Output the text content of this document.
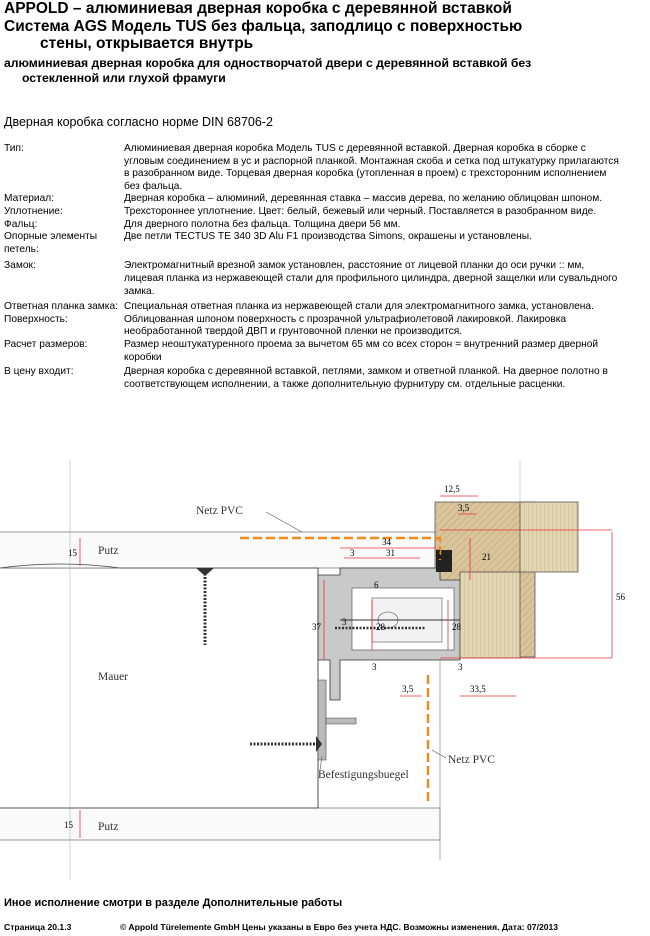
APPOLD – алюминиевая дверная коробка с деревянной вставкой
Система AGS Модель TUS без фальца, заподлицо с поверхностью
стены, открывается внутрь
алюминиевая дверная коробка для одностворчатой двери с деревянной вставкой без
остекленной или глухой фрамуги
Дверная коробка согласно норме DIN 68706-2
Тип:	Алюминиевая дверная коробка Модель TUS с деревянной вставкой. Дверная коробка в сборке с угловым соединением в ус и распорной планкой. Монтажная скоба и сетка под штукатурку прилагаются в разобранном виде. Торцевая дверная коробка (утопленная в проем) с трехсторонним исполнением без фальца.
Материал:	Дверная коробка – алюминий, деревянная ставка – массив дерева, по желанию облицован шпоном.
Уплотнение:	Трехстороннее уплотнение. Цвет: белый, бежевый или черный. Поставляется в разобранном виде.
Фальц:	Для дверного полотна без фальца. Толщина двери 56 мм.
Опорные элементы петель:
Две петли TECTUS TE 340 3D Alu F1 производства Simons, окрашены и установлены.
Замок:	Электромагнитный врезной замок установлен, расстояние от лицевой планки до оси ручки :: мм, лицевая планка из нержавеющей стали для профильного цилиндра, дверной защелки или сувальдного замка.
Ответная планка замка: Специальная ответная планка из нержавеющей стали для электромагнитного замка, установлена.
Поверхность:	Облицованная шпоном поверхность с прозрачной ультрафиолетовой лакировкой. Лакировка необработанной твердой ДВП и грунтовочной пленки не производится.
Расчет размеров:	Размер неоштукатуренного проема за вычетом 65 мм со всех сторон = внутренний размер дверной коробки
В цену входит:	Дверная коробка с деревянной вставкой, петлями, замком и ответной планкой. На дверное полотно в соответствующем исполнении, а также дополнительную фурнитуру см. отдельные расценки.
12,5
3,5
34
31
3	3
3
3	3
6
21
37	28	28
56
15
15
3,5	33,5
Netz PVC
Putz
Mauer
Netz PVC
Befestigungsbuegel
Putz
Иное исполнение смотри в разделе Дополнительные работы
Страница 20.1.3	© Appold Türelemente GmbH Цены указаны в Евро без учета НДС. Возможны изменения. Дата: 07/2013
